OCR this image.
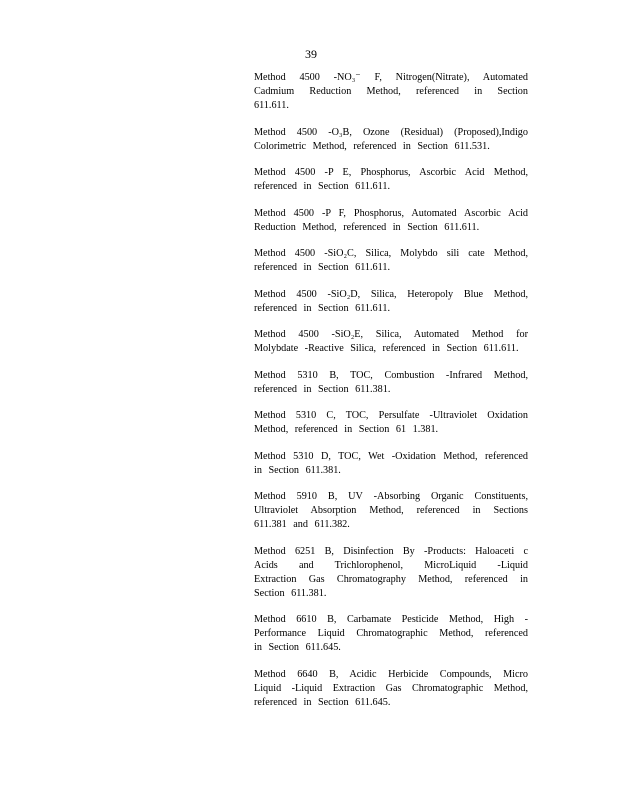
39
Method 4500 -NO₃⁻ F, Nitrogen(Nitrate), Automated
Cadmium Reduction Method, referenced in Section
611.611.
Method 4500 -O₃B, Ozone (Residual) (Proposed),Indigo
Colorimetric Method, referenced in Section 611.531.
Method 4500 -P E, Phosphorus, Ascorbic Acid Method,
referenced in Section 611.611.
Method 4500 -P F, Phosphorus, Automated Ascorbic Acid
Reduction Method, referenced in Section 611.611.
Method 4500 -SiO₂C, Silica, Molybdo sili cate Method,
referenced in Section 611.611.
Method 4500 -SiO₂D, Silica, Heteropoly Blue Method,
referenced in Section 611.611.
Method 4500 -SiO₂E, Silica, Automated Method for
Molybdate -Reactive Silica, referenced in Section 611.611.
Method 5310 B, TOC, Combustion -Infrared Method,
referenced in Section 611.381.
Method 5310 C, TOC, Persulfate -Ultraviolet Oxidation
Method, referenced in Section 61 1.381.
Method 5310 D, TOC, Wet -Oxidation Method, referenced
in Section 611.381.
Method 5910 B, UV -Absorbing Organic Constituents,
Ultraviolet Absorption Method, referenced in Sections
611.381 and 611.382.
Method 6251 B, Disinfection By -Products: Haloaceti c
Acids and Trichlorophenol, MicroLiquid -Liquid
Extraction Gas Chromatography Method, referenced in
Section 611.381.
Method 6610 B, Carbamate Pesticide Method, High -
Performance Liquid Chromatographic Method, referenced
in Section 611.645.
Method 6640 B, Acidic Herbicide Compounds, Micro
Liquid -Liquid Extraction Gas Chromatographic Method,
referenced in Section 611.645.
